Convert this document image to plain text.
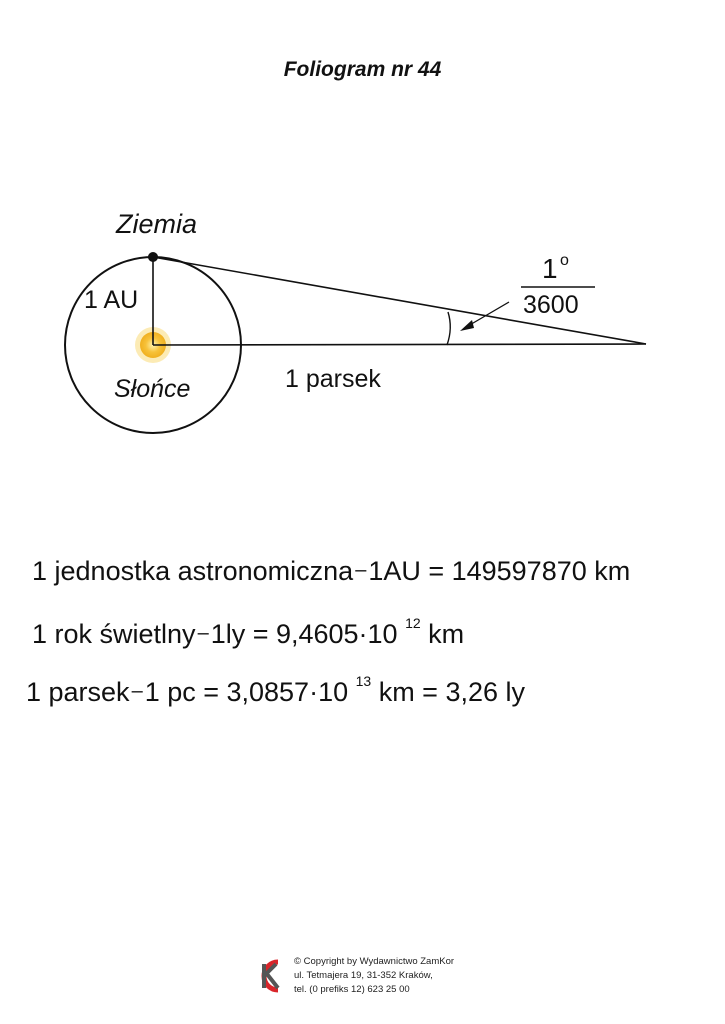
Foliogram nr 44
Ziemia
1 AU
Słońce	1 parsek
1 o
3600
1 jednostka astronomiczna –1AU = 149597870 km
1 rok świetlny –1ly = 9,4605·10 $^{12}$ km
1 parsek –1 pc = 3,0857·10 $^{13}$ km = 3,26 ly
© Copyright by Wydawnictwo ZamKor
ul. Tetmajera 19, 31-352 Kraków,
tel. (0 prefiks 12) 623 25 00
